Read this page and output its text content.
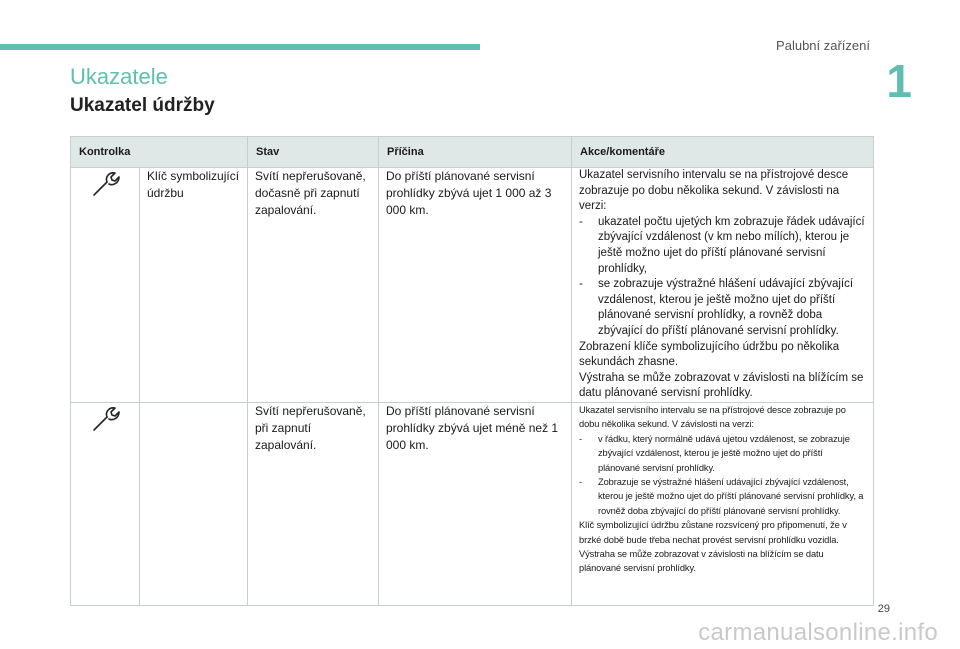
Palubní zařízení
1
Ukazatele
Ukazatel údržby
Kontrolka		Stav	Příčina	Akce/komentáře
	Klíč symbolizující údržbu	Svítí nepřerušovaně, dočasně při zapnutí zapalování.	Do příští plánované servisní prohlídky zbývá ujet 1 000 až 3 000 km.	Ukazatel servisního intervalu se na přístrojové desce zobrazuje po dobu několika sekund. V závislosti na verzi:

- ukazatel počtu ujetých km zobrazuje řádek udávající zbývající vzdálenost (v km nebo mílích), kterou je ještě možno ujet do příští plánované servisní prohlídky,

- se zobrazuje výstražné hlášení udávající zbývající vzdálenost, kterou je ještě možno ujet do příští plánované servisní prohlídky, a rovněž doba zbývající do příští plánované servisní prohlídky.

Zobrazení klíče symbolizujícího údržbu po několika sekundách zhasne.

Výstraha se může zobrazovat v závislosti na blížícím se datu plánované servisní prohlídky.

		Svítí nepřerušovaně, při zapnutí zapalování.	Do příští plánované servisní prohlídky zbývá ujet méně než 1 000 km.	Ukazatel servisního intervalu se na přístrojové desce zobrazuje po dobu několika sekund. V závislosti na verzi:

- v řádku, který normálně udává ujetou vzdálenost, se zobrazuje zbývající vzdálenost, kterou je ještě možno ujet do příští plánované servisní prohlídky.

- Zobrazuje se výstražné hlášení udávající zbývající vzdálenost, kterou je ještě možno ujet do příští plánované servisní prohlídky, a rovněž doba zbývající do příští plánované servisní prohlídky.

Klíč symbolizující údržbu zůstane rozsvícený pro připomenutí, že v brzké době bude třeba nechat provést servisní prohlídku vozidla.

Výstraha se může zobrazovat v závislosti na blížícím se datu plánované servisní prohlídky.

29
carmanualsonline.info
